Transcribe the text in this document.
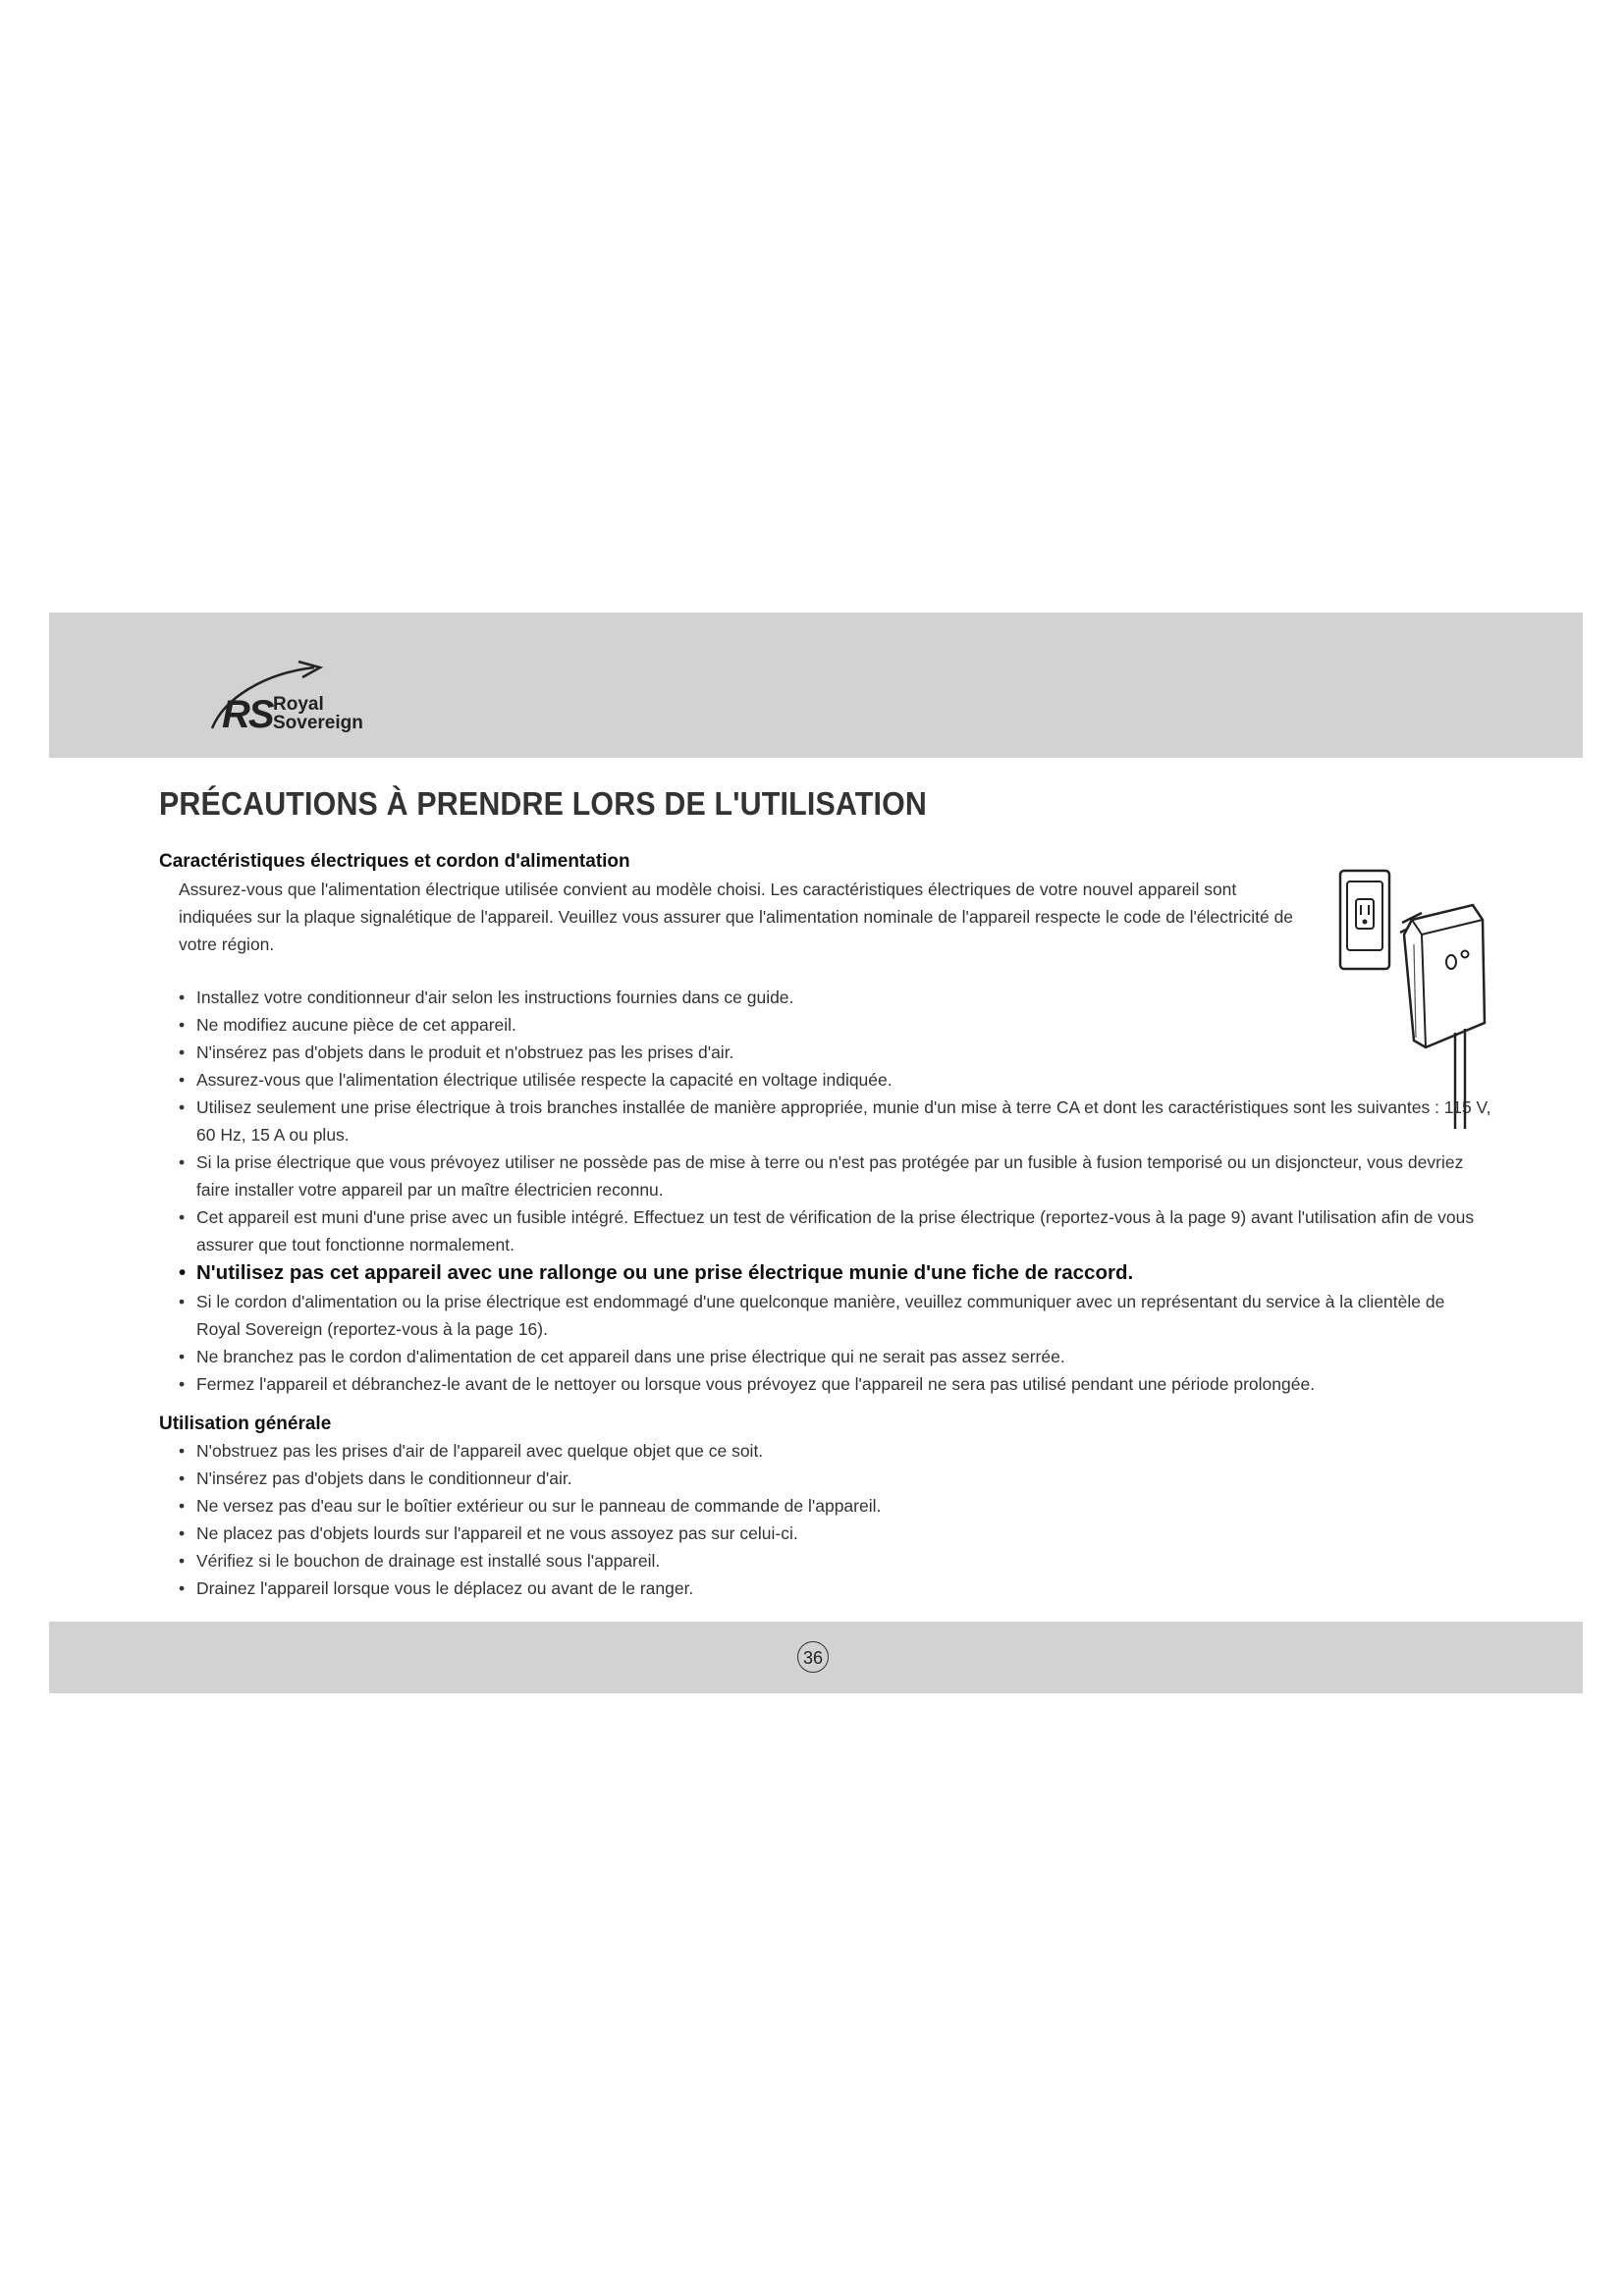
RS Royal
Sovereign
PRÉCAUTIONS À PRENDRE LORS DE L'UTILISATION
Caractéristiques électriques et cordon d'alimentation

Assurez-vous que l'alimentation électrique utilisée convient au modèle choisi. Les caractéristiques électriques de votre nouvel appareil sont indiquées sur la plaque signalétique de l'appareil. Veuillez vous assurer que l'alimentation nominale de l'appareil respecte le code de l'électricité de votre région.

• Installez votre conditionneur d'air selon les instructions fournies dans ce guide.
• Ne modifiez aucune pièce de cet appareil.
• N'insérez pas d'objets dans le produit et n'obstruez pas les prises d'air.
• Assurez-vous que l'alimentation électrique utilisée respecte la capacité en voltage indiquée.
• Utilisez seulement une prise électrique à trois branches installée de manière appropriée, munie d'un mise à terre CA et dont les caractéristiques sont les suivantes : 115 V, 60 Hz, 15 A ou plus.
• Si la prise électrique que vous prévoyez utiliser ne possède pas de mise à terre ou n'est pas protégée par un fusible à fusion temporisé ou un disjoncteur, vous devriez faire installer votre appareil par un maître électricien reconnu.
• Cet appareil est muni d'une prise avec un fusible intégré. Effectuez un test de vérification de la prise électrique (reportez-vous à la page 9) avant l'utilisation afin de vous assurer que tout fonctionne normalement.
• N'utilisez pas cet appareil avec une rallonge ou une prise électrique munie d'une fiche de raccord.
• Si le cordon d'alimentation ou la prise électrique est endommagé d'une quelconque manière, veuillez communiquer avec un représentant du service à la clientèle de Royal Sovereign (reportez-vous à la page 16).
• Ne branchez pas le cordon d'alimentation de cet appareil dans une prise électrique qui ne serait pas assez serrée.
• Fermez l'appareil et débranchez-le avant de le nettoyer ou lorsque vous prévoyez que l'appareil ne sera pas utilisé pendant une période prolongée.
Utilisation générale
• N'obstruez pas les prises d'air de l'appareil avec quelque objet que ce soit.
• N'insérez pas d'objets dans le conditionneur d'air.
• Ne versez pas d'eau sur le boîtier extérieur ou sur le panneau de commande de l'appareil.
• Ne placez pas d'objets lourds sur l'appareil et ne vous assoyez pas sur celui-ci.
• Vérifiez si le bouchon de drainage est installé sous l'appareil.
• Drainez l'appareil lorsque vous le déplacez ou avant de le ranger.
36
